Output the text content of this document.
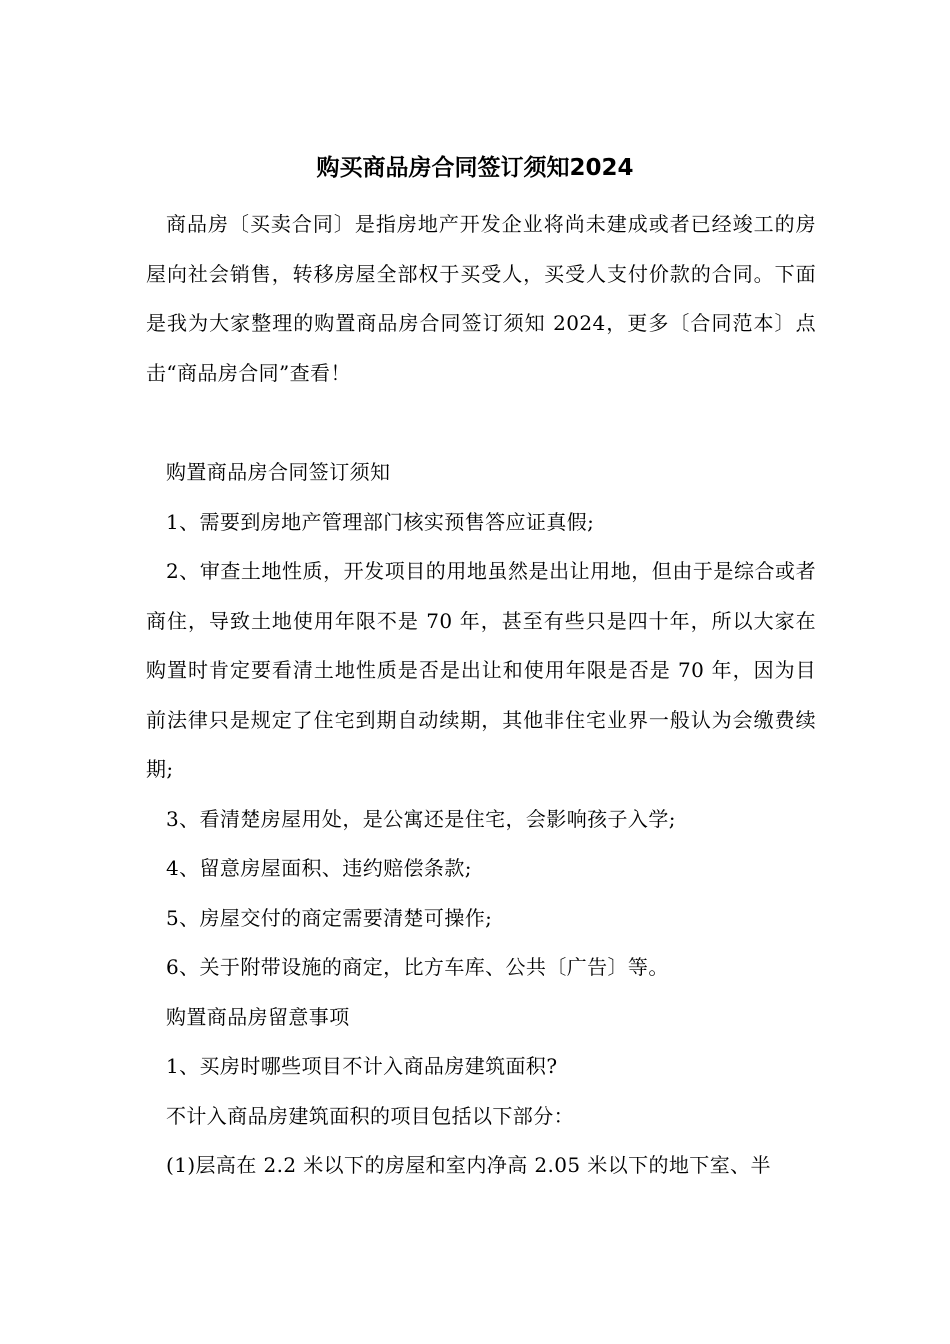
购买商品房合同签订须知2024
商品房〔买卖合同〕是指房地产开发企业将尚未建成或者已经竣工的房屋向社会销售，转移房屋全部权于买受人，买受人支付价款的合同。下面是我为大家整理的购置商品房合同签订须知 2024，更多〔合同范本〕点击“商品房合同”查看！

购置商品房合同签订须知

1、需要到房地产管理部门核实预售答应证真假;

2、审查土地性质，开发项目的用地虽然是出让用地，但由于是综合或者商住，导致土地使用年限不是 70 年，甚至有些只是四十年，所以大家在购置时肯定要看清土地性质是否是出让和使用年限是否是 70 年，因为目前法律只是规定了住宅到期自动续期，其他非住宅业界一般认为会缴费续期;

3、看清楚房屋用处，是公寓还是住宅，会影响孩子入学;

4、留意房屋面积、违约赔偿条款;

5、房屋交付的商定需要清楚可操作;

6、关于附带设施的商定，比方车库、公共〔广告〕等。

购置商品房留意事项

1、买房时哪些项目不计入商品房建筑面积?

不计入商品房建筑面积的项目包括以下部分：

(1)层高在 2.2 米以下的房屋和室内净高 2.05 米以下的地下室、半
